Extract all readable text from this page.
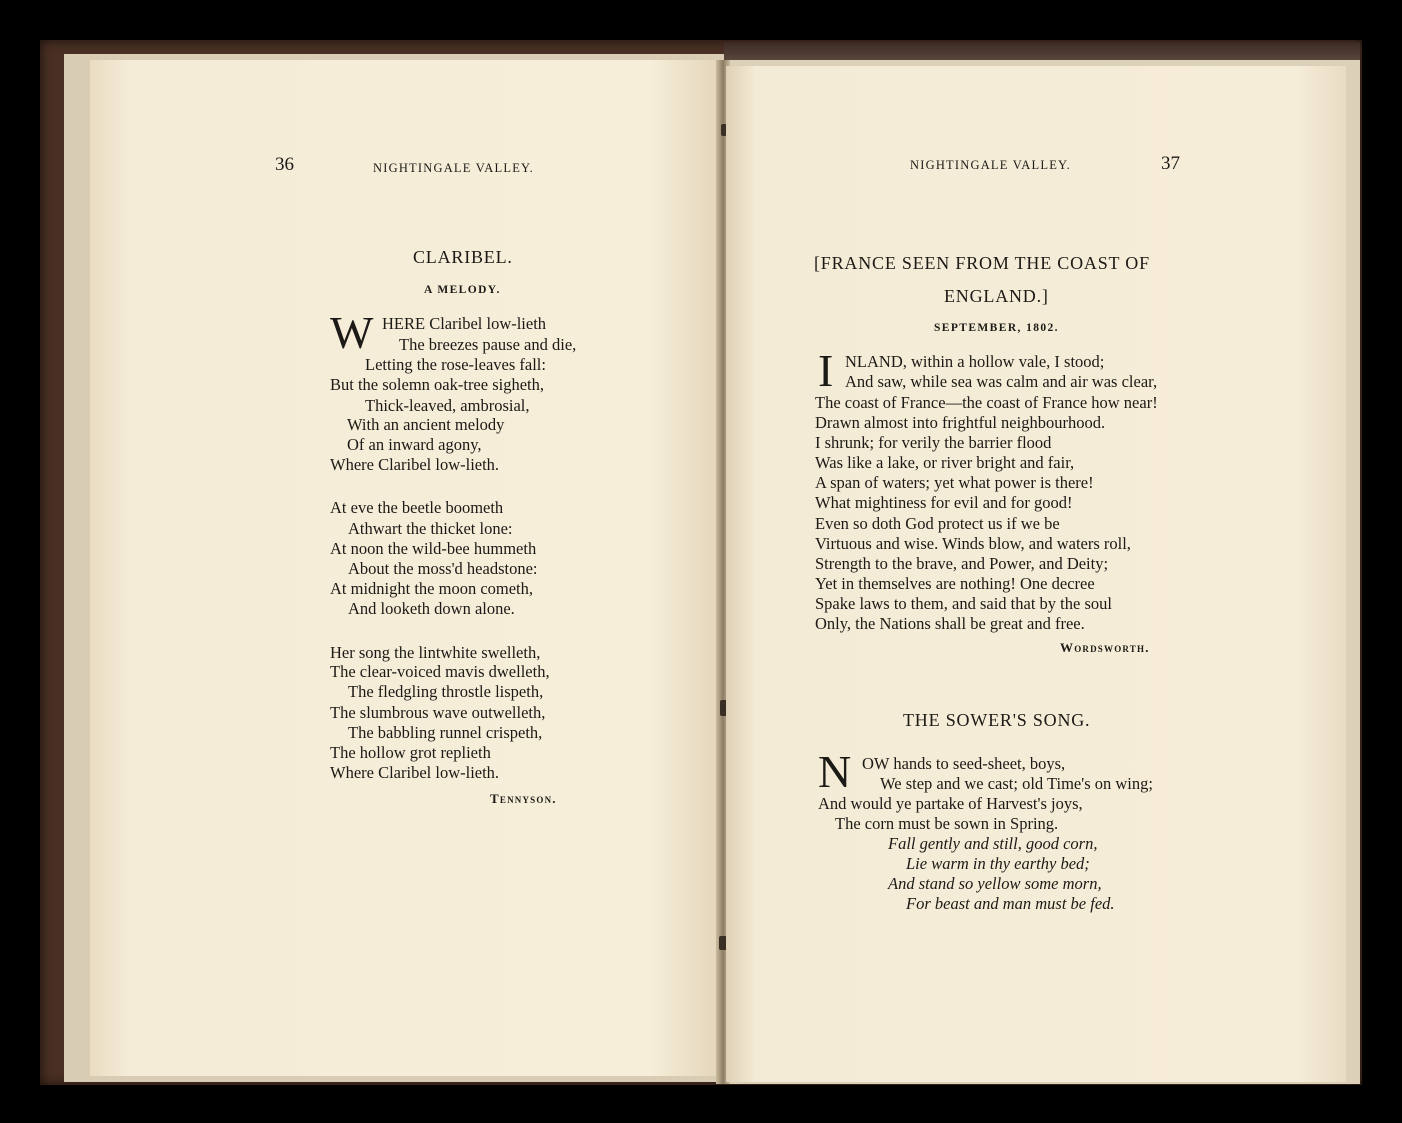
36	NIGHTINGALE VALLEY.
CLARIBEL.
A MELODY.
W HERE Claribel low-lieth
The breezes pause and die,
Letting the rose-leaves fall:
But the solemn oak-tree sigheth,
Thick-leaved, ambrosial,
With an ancient melody
Of an inward agony,
Where Claribel low-lieth.
At eve the beetle boometh
Athwart the thicket lone:
At noon the wild-bee hummeth
About the moss'd headstone:
At midnight the moon cometh,
And looketh down alone.
Her song the lintwhite swelleth,
The clear-voiced mavis dwelleth,
The fledgling throstle lispeth,
The slumbrous wave outwelleth,
The babbling runnel crispeth,
The hollow grot replieth
Where Claribel low-lieth.
Tennyson.
NIGHTINGALE VALLEY.	37
[FRANCE SEEN FROM THE COAST OF
ENGLAND.]
SEPTEMBER, 1802.
I NLAND, within a hollow vale, I stood;
And saw, while sea was calm and air was clear,
The coast of France—the coast of France how near!
Drawn almost into frightful neighbourhood.
I shrunk; for verily the barrier flood
Was like a lake, or river bright and fair,
A span of waters; yet what power is there!
What mightiness for evil and for good!
Even so doth God protect us if we be
Virtuous and wise. Winds blow, and waters roll,
Strength to the brave, and Power, and Deity;
Yet in themselves are nothing! One decree
Spake laws to them, and said that by the soul
Only, the Nations shall be great and free.
Wordsworth.
THE SOWER'S SONG.
N OW hands to seed-sheet, boys,
We step and we cast; old Time's on wing;
And would ye partake of Harvest's joys,
The corn must be sown in Spring.
Fall gently and still, good corn,
Lie warm in thy earthy bed;
And stand so yellow some morn,
For beast and man must be fed.
